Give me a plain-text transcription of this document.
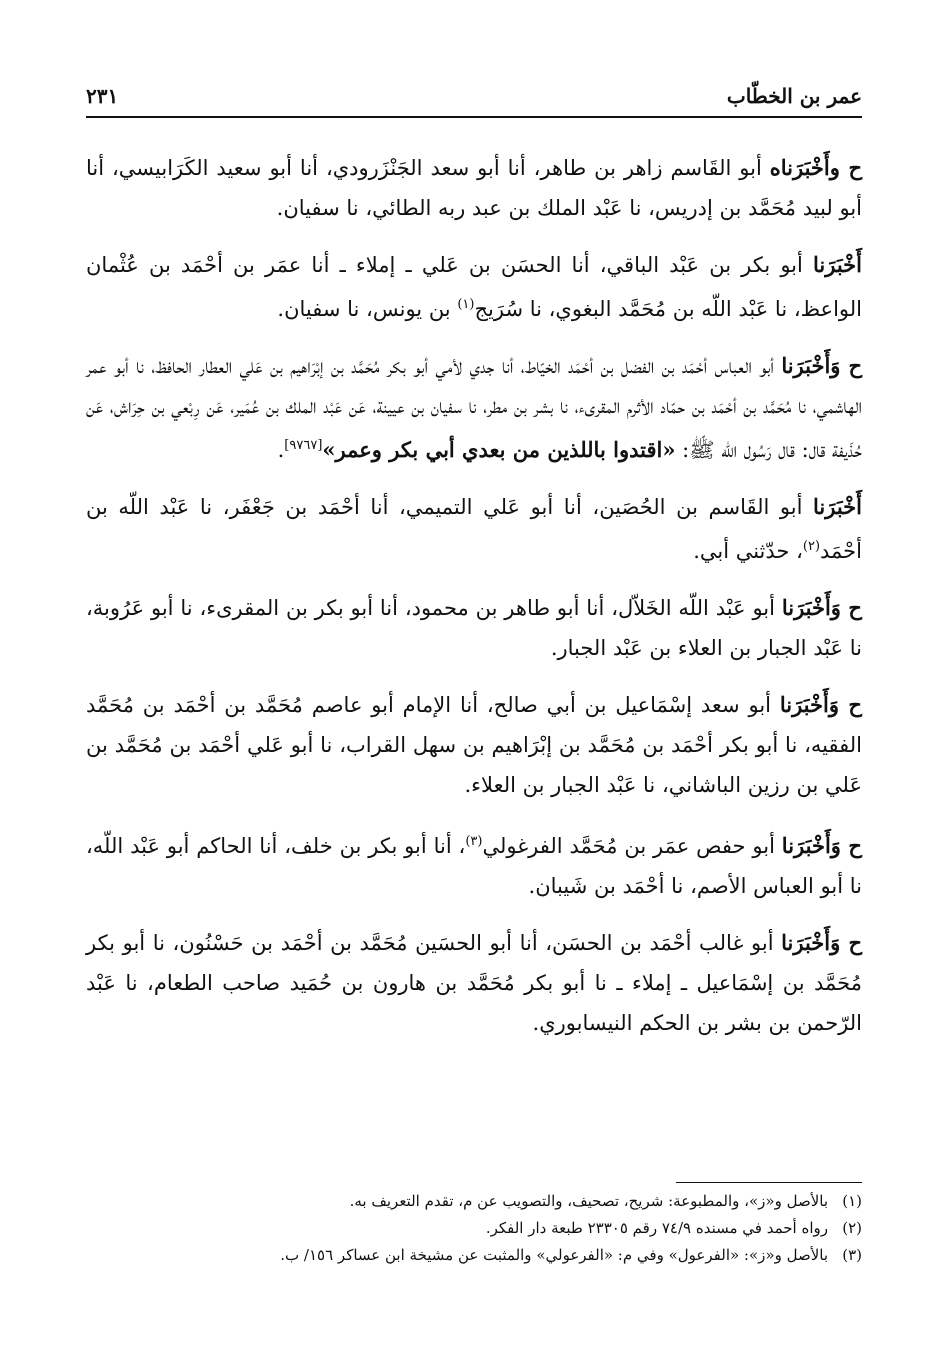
عمر بن الخطّاب
٢٣١

ح وأَخْبَرَناه أبو القَاسم زاهر بن طاهر، أنا أبو سعد الجَنْزَرودي، أنا أبو سعيد الكَرَابيسي، أنا أبو لبيد مُحَمَّد بن إدريس، نا عَبْد الملك بن عبد ربه الطائي، نا سفيان.

أَخْبَرَنا أبو بكر بن عَبْد الباقي، أنا الحسَن بن عَلي ـ إملاء ـ أنا عمَر بن أحْمَد بن عُثْمان الواعظ، نا عَبْد اللّه بن مُحَمَّد البغوي، نا سُرَيج$^{(١)}$ بن يونس، نا سفيان.

ح وَأَخْبَرَنا أبو العباس أحْمَد بن الفضل بن أحْمَد الخيّاط، أنا جدي لأمي أبو بكر مُحَمَّد بن إبْرَاهيم بن عَلي العطار الحافظ، نا أبو عمر الهاشمي، نا مُحَمَّد بن أحْمَد بن حمّاد الأثرم المقرىء، نا بشر بن مطر، نا سفيان بن عيينة، عَن عَبْد الملك بن عُمَير، عَن رِبْعي بن حِرَاش، عَن حُذَيفة قال: قال رَسُول اللّه ﷺ: «اقتدوا باللذين من بعدي أبي بكر وعمر»[٩٧٦٧].

أَخْبَرَنا أبو القَاسم بن الحُصَين، أنا أبو عَلي التميمي، أنا أحْمَد بن جَعْفَر، نا عَبْد اللّه بن أحْمَد$^{(٢)}$، حدّثني أبي.

ح وَأَخْبَرَنا أبو عَبْد اللّه الخَلاّل، أنا أبو طاهر بن محمود، أنا أبو بكر بن المقرىء، نا أبو عَرُوبة، نا عَبْد الجبار بن العلاء بن عَبْد الجبار.

ح وَأَخْبَرَنا أبو سعد إسْمَاعيل بن أبي صالح، أنا الإمام أبو عاصم مُحَمَّد بن أحْمَد بن مُحَمَّد الفقيه، نا أبو بكر أحْمَد بن مُحَمَّد بن إبْرَاهيم بن سهل القراب، نا أبو عَلي أحْمَد بن مُحَمَّد بن عَلي بن رزين الباشاني، نا عَبْد الجبار بن العلاء.

ح وَأَخْبَرَنا أبو حفص عمَر بن مُحَمَّد الفرغولي$^{(٣)}$، أنا أبو بكر بن خلف، أنا الحاكم أبو عَبْد اللّه، نا أبو العباس الأصم، نا أحْمَد بن شَيبان.

ح وَأَخْبَرَنا أبو غالب أحْمَد بن الحسَن، أنا أبو الحسَين مُحَمَّد بن أحْمَد بن حَسْنُون، نا أبو بكر مُحَمَّد بن إسْمَاعيل ـ إملاء ـ نا أبو بكر مُحَمَّد بن هارون بن حُمَيد صاحب الطعام، نا عَبْد الرّحمن بن بشر بن الحكم النيسابوري.

(١)بالأصل و«ز»، والمطبوعة: شريح، تصحيف، والتصويب عن م، تقدم التعريف به.

(٢)رواه أحمد في مسنده ٧٤/٩ رقم ٢٣٣٠٥ طبعة دار الفكر.

(٣)بالأصل و«ز»: «الفرعول» وفي م: «الفرعولي» والمثبت عن مشيخة ابن عساكر ١٥٦/ ب.
